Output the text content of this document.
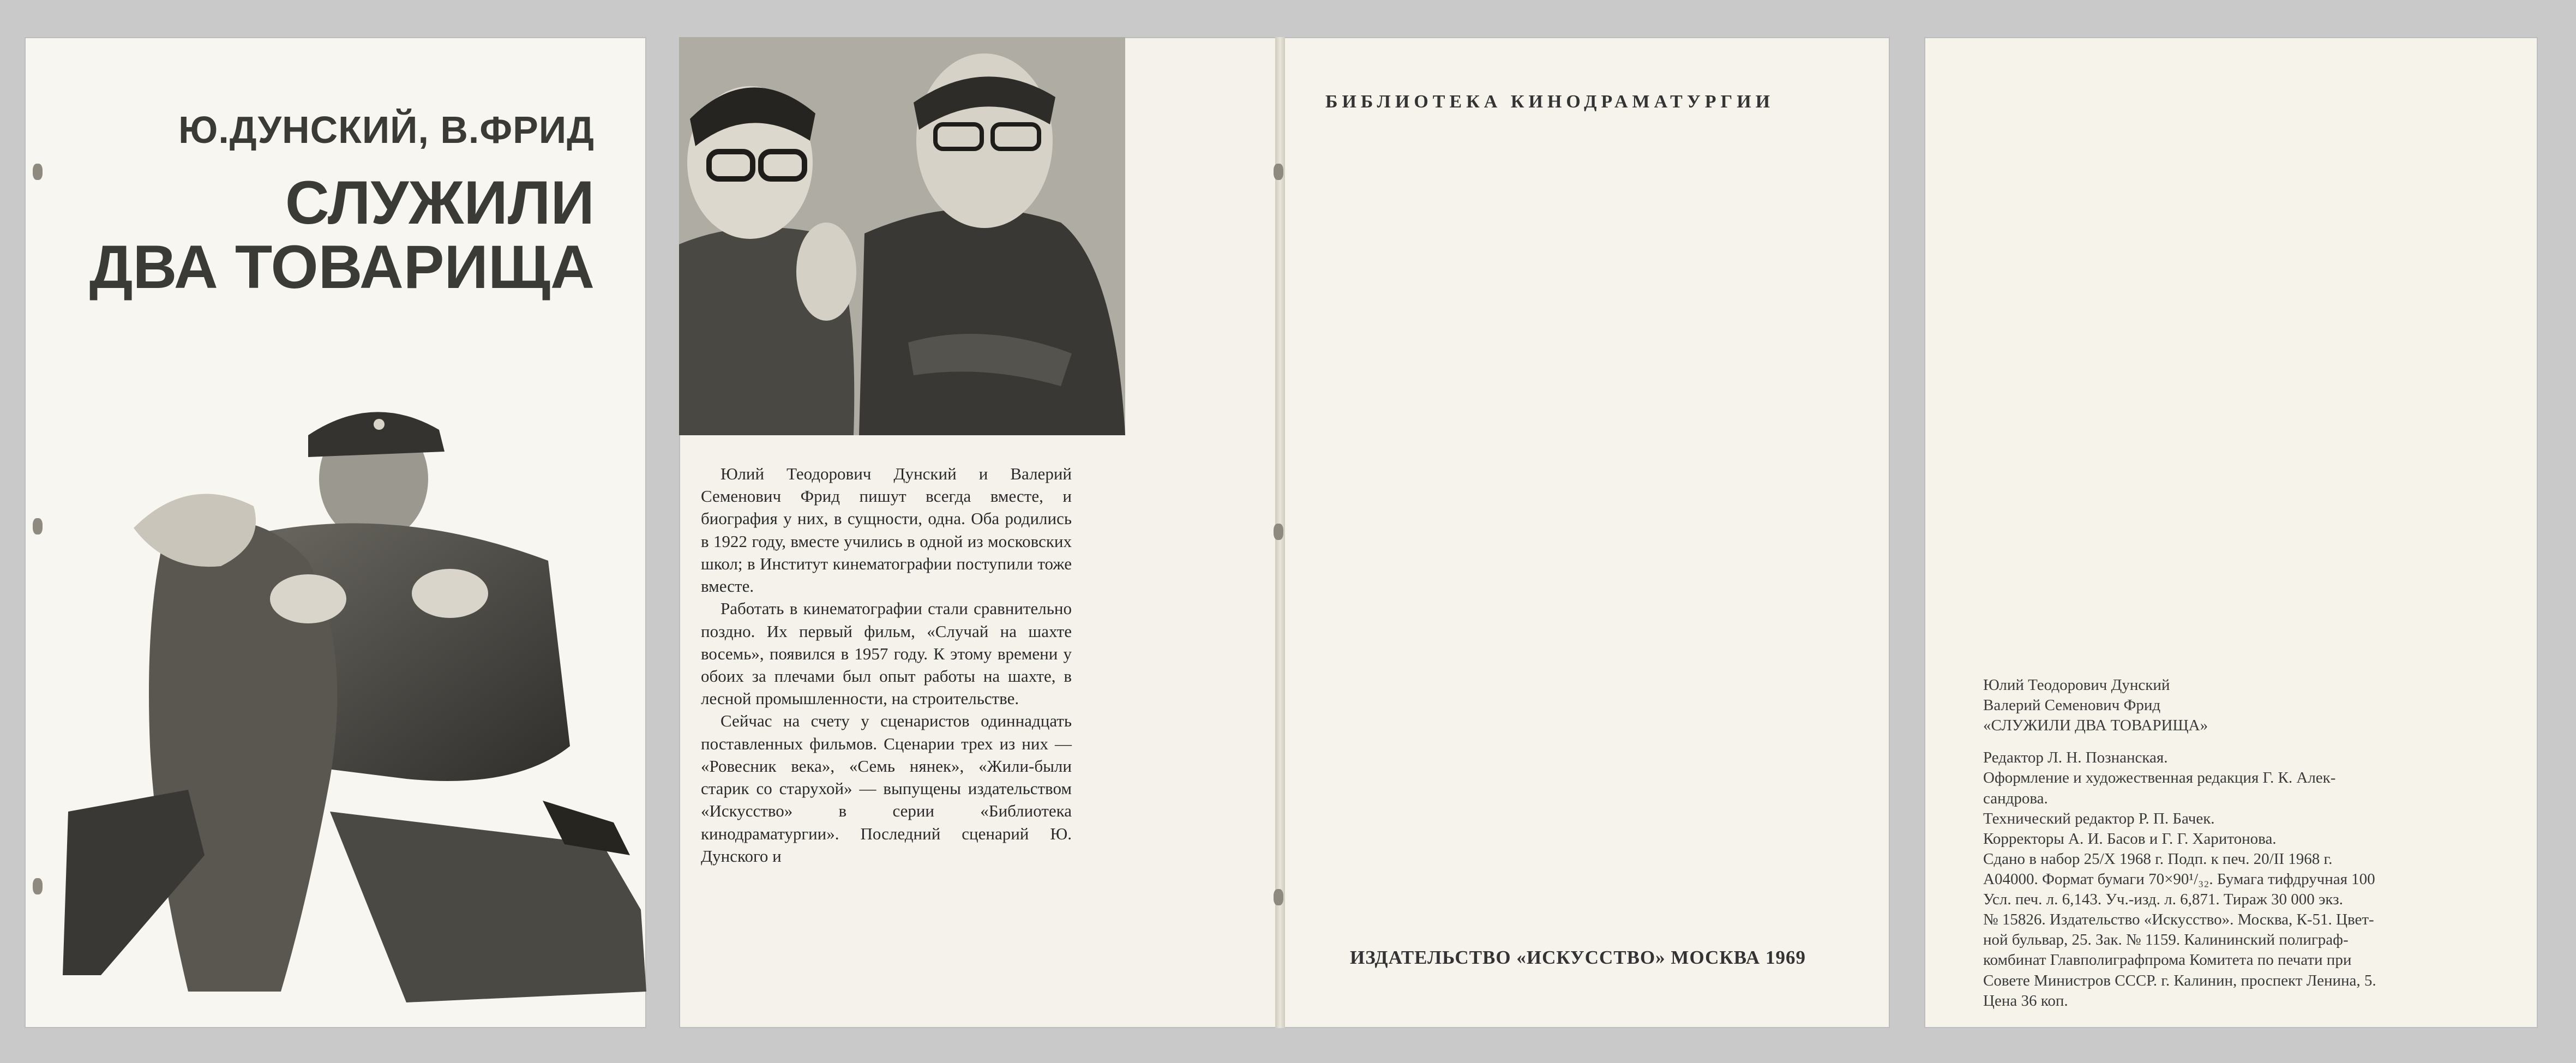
Ю.ДУНСКИЙ, В.ФРИД
СЛУЖИЛИ
ДВА ТОВАРИЩА

Юлий Теодорович Дунский и Валерий Семенович Фрид пишут всегда вместе, и биография у них, в сущности, одна. Оба родились в 1922 году, вместе учились в одной из московских школ; в Институт кинематографии поступили тоже вместе.

Работать в кинематографии стали сравнительно поздно. Их первый фильм, «Случай на шахте восемь», появился в 1957 году. К этому времени у обоих за плечами был опыт работы на шахте, в лесной промышленности, на строительстве.

Сейчас на счету у сценаристов одиннадцать поставленных фильмов. Сценарии трех из них — «Ровесник века», «Семь нянек», «Жили-были старик со старухой» — выпущены издательством «Искусство» в серии «Библиотека кинодраматургии». Последний сценарий Ю. Дунского и

БИБЛИОТЕКА КИНОДРАМАТУРГИИ
ИЗДАТЕЛЬСТВО «ИСКУССТВО» МОСКВА 1969
Юлий Теодорович Дунский
Валерий Семенович Фрид
«СЛУЖИЛИ ДВА ТОВАРИЩА»
Редактор Л. Н. Познанская.
Оформление и художественная редакция Г. К. Алек-
сандрова.
Технический редактор Р. П. Бачек.
Корректоры А. И. Басов и Г. Г. Харитонова.
Сдано в набор 25/X 1968 г. Подп. к печ. 20/II 1968 г.
А04000. Формат бумаги 70×90¹/₃₂. Бумага тифдручная 100
Усл. печ. л. 6,143. Уч.-изд. л. 6,871. Тираж 30 000 экз.
№ 15826. Издательство «Искусство». Москва, К-51. Цвет-
ной бульвар, 25. Зак. № 1159. Калининский полиграф-
комбинат Главполиграфпрома Комитета по печати при
Совете Министров СССР. г. Калинин, проспект Ленина, 5.
Цена 36 коп.
